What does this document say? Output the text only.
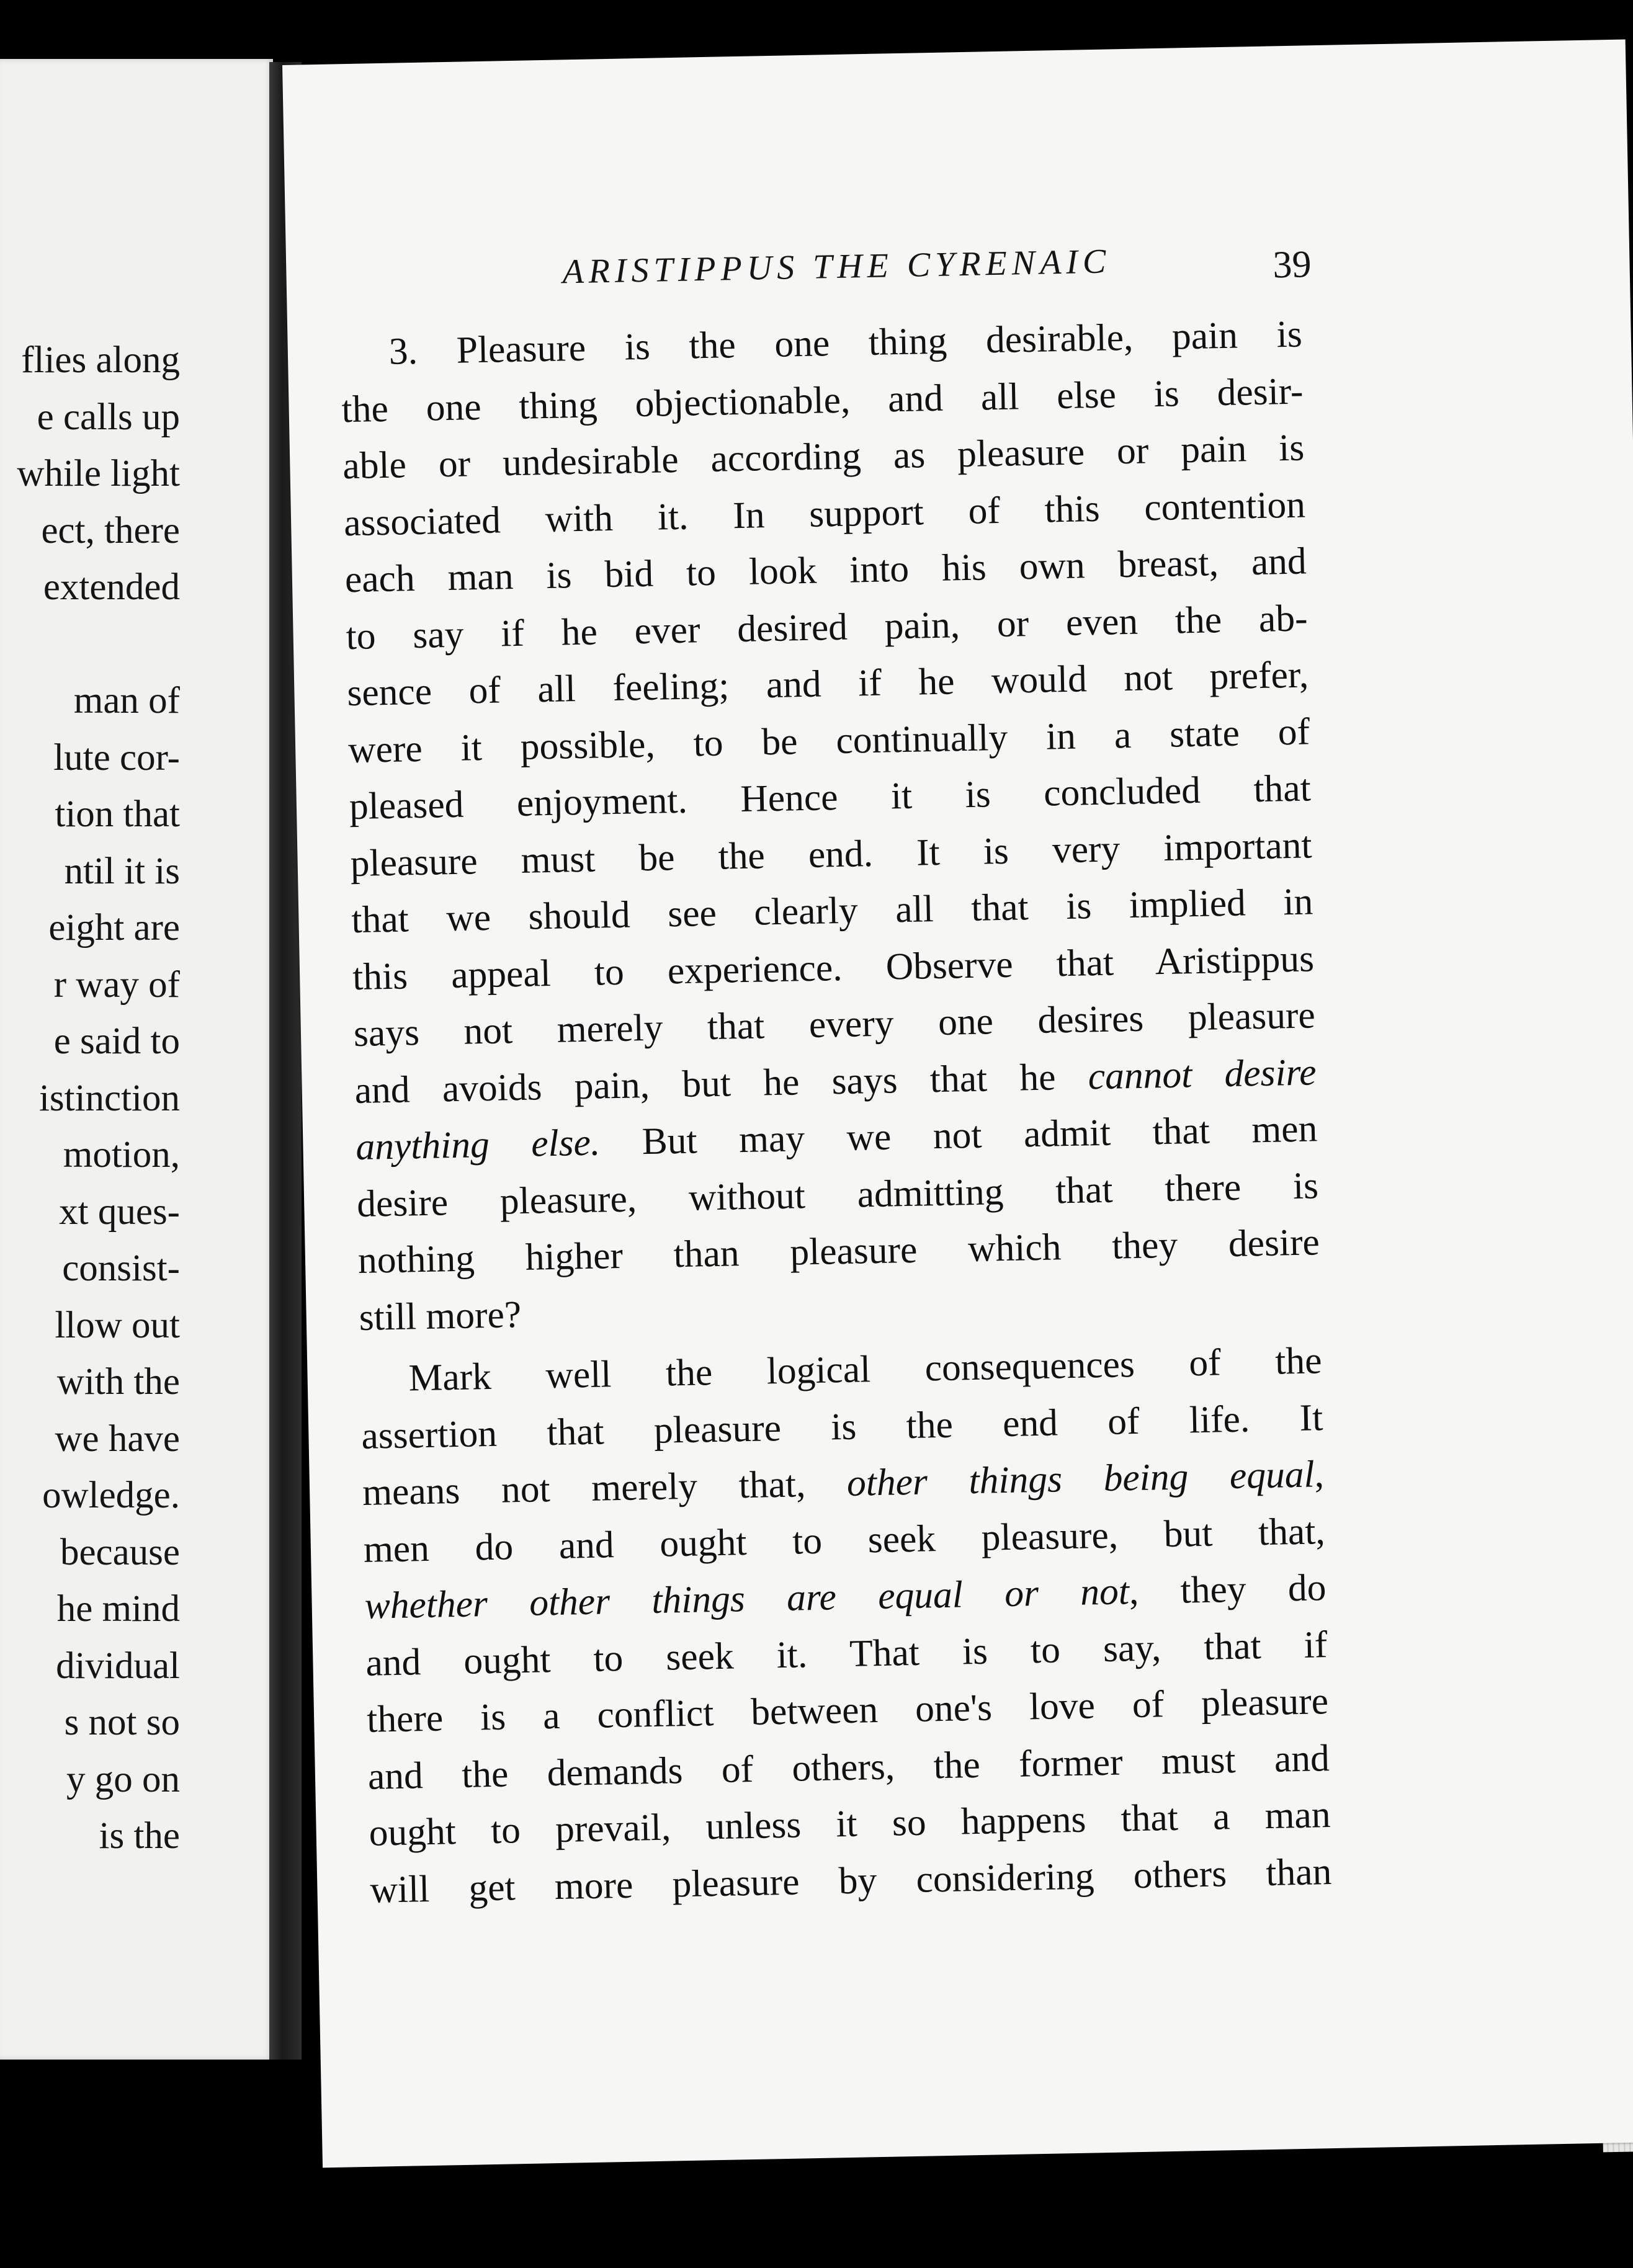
flies along
e calls up
while light
ect, there
extended

man of
lute cor-
tion that
ntil it is
eight are
r way of
e said to
istinction
motion,
xt ques-
consist-
llow out
with the
we have
owledge.
because
he mind
dividual
s not so
y go on
is the
ARISTIPPUS THE CYRENAIC	39
3. Pleasure is the one thing desirable, pain is
the one thing objectionable, and all else is desir-
able or undesirable according as pleasure or pain is
associated with it. In support of this contention
each man is bid to look into his own breast, and
to say if he ever desired pain, or even the ab-
sence of all feeling; and if he would not prefer,
were it possible, to be continually in a state of
pleased enjoyment. Hence it is concluded that
pleasure must be the end. It is very important
that we should see clearly all that is implied in
this appeal to experience. Observe that Aristippus
says not merely that every one desires pleasure
and avoids pain, but he says that he cannot desire
anything else. But may we not admit that men
desire pleasure, without admitting that there is
nothing higher than pleasure which they desire
still more?
Mark well the logical consequences of the
assertion that pleasure is the end of life. It
means not merely that, other things being equal,
men do and ought to seek pleasure, but that,
whether other things are equal or not, they do
and ought to seek it. That is to say, that if
there is a conflict between one's love of pleasure
and the demands of others, the former must and
ought to prevail, unless it so happens that a man
will get more pleasure by considering others than
